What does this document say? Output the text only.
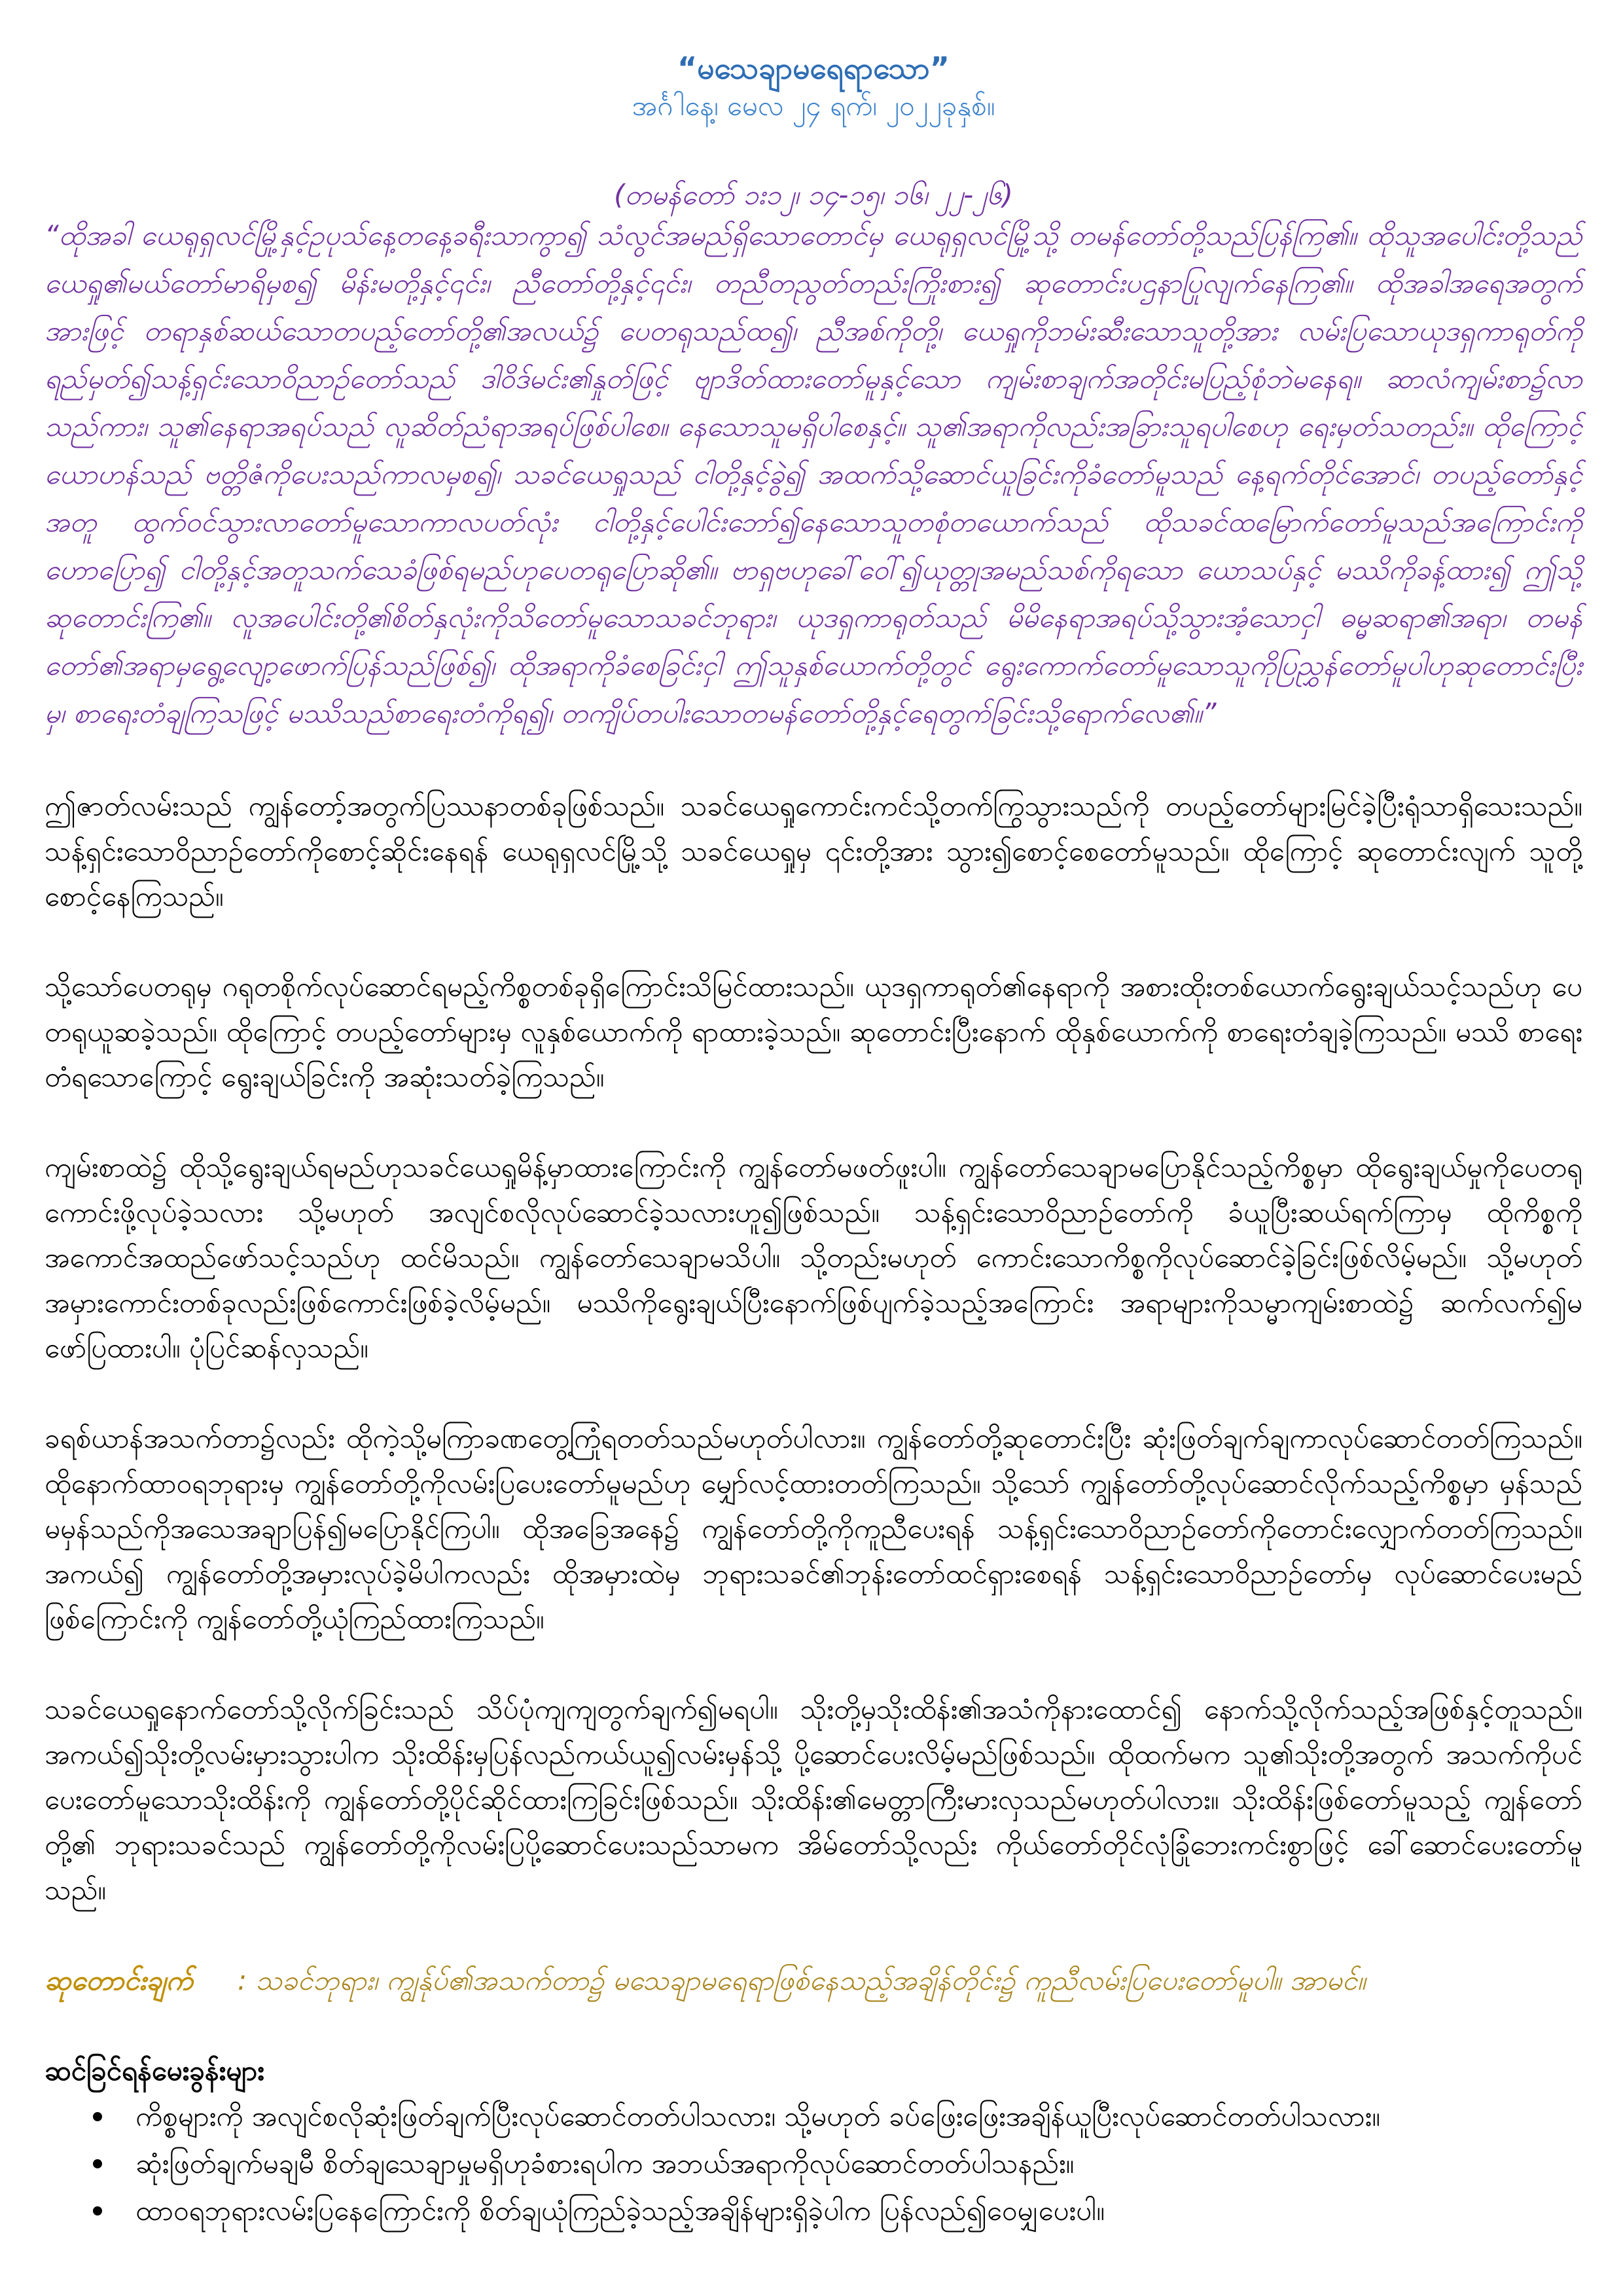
“မသေချာမရေရာသော”
အင်္ဂါနေ့၊ မေလ ၂၄ ရက်၊ ၂၀၂၂ခုနှစ်။
(တမန်တော် ၁း၁၂၊ ၁၄-၁၅၊ ၁၆၊ ၂၂-၂၆)

“ထိုအခါ ယေရုရှလင်မြို့နှင့်ဥပုသ်နေ့တနေ့ခရီးသာကွာ၍ သံလွင်အမည်ရှိသောတောင်မှ ယေရုရှလင်မြို့သို့ တမန်တော်တို့သည်ပြန်ကြ၏။ ထိုသူအပေါင်းတို့သည် ယေရှု၏မယ်တော်မာရိမှစ၍ မိန်းမတို့နှင့်၎င်း၊ ညီတော်တို့နှင့်၎င်း၊ တညီတညွတ်တည်းကြိုးစား၍ ဆုတောင်းပဌနာပြုလျက်နေကြ၏။ ထိုအခါအရေအတွက်အားဖြင့် တရာနှစ်ဆယ်သောတပည့်တော်တို့၏အလယ်၌ ပေတရုသည်ထ၍၊ ညီအစ်ကိုတို့၊ ယေရှုကိုဘမ်းဆီးသောသူတို့အား လမ်းပြသောယုဒရှကာရုတ်ကို ရည်မှတ်၍သန့်ရှင်းသောဝိညာဉ်တော်သည် ဒါဝိဒ်မင်း၏နှုတ်ဖြင့် ဗျာဒိတ်ထားတော်မူနှင့်သော ကျမ်းစာချက်အတိုင်းမပြည့်စုံဘဲမနေရ။ ဆာလံကျမ်းစာ၌လာသည်ကား၊ သူ၏နေရာအရပ်သည် လူဆိတ်ညံရာအရပ်ဖြစ်ပါစေ။ နေသောသူမရှိပါစေနှင့်။ သူ၏အရာကိုလည်းအခြားသူရပါစေဟု ရေးမှတ်သတည်း။ ထိုကြောင့် ယောဟန်သည် ဗတ္တိဇံကိုပေးသည်ကာလမှစ၍၊ သခင်ယေရှုသည် ငါတို့နှင့်ခွဲ၍ အထက်သို့ဆောင်ယူခြင်းကိုခံတော်မူသည် နေ့ရက်တိုင်အောင်၊ တပည့်တော်နှင့်အတူ ထွက်ဝင်သွားလာတော်မူသောကာလပတ်လုံး ငါတို့နှင့်ပေါင်းဘော်၍နေသောသူတစုံတယောက်သည် ထိုသခင်ထမြောက်တော်မူသည်အကြောင်းကိုဟောပြော၍ ငါတို့နှင့်အတူသက်သေခံဖြစ်ရမည်ဟုပေတရုပြောဆို၏။ ဗာရှဗဟုခေါ်ဝေါ်၍ယုတ္တုအမည်သစ်ကိုရသော ယောသပ်နှင့် မဿိကိုခန့်ထား၍ ဤသို့ဆုတောင်းကြ၏။ လူအပေါင်းတို့၏စိတ်နှလုံးကိုသိတော်မူသောသခင်ဘုရား၊ ယုဒရှကာရုတ်သည် မိမိနေရာအရပ်သို့သွားအံ့သောငှါ ဓမ္မဆရာ၏အရာ၊ တမန်တော်၏အရာမှရွေ့လျော့ဖောက်ပြန်သည်ဖြစ်၍၊ ထိုအရာကိုခံစေခြင်းငှါ ဤသူနှစ်ယောက်တို့တွင် ရွေးကောက်တော်မူသောသူကိုပြညွှန်တော်မူပါဟုဆုတောင်းပြီးမှ၊ စာရေးတံချကြသဖြင့် မဿိသည်စာရေးတံကိုရ၍၊ တကျိပ်တပါးသောတမန်တော်တို့နှင့်ရေတွက်ခြင်းသို့ရောက်လေ၏။”

ဤဇာတ်လမ်းသည် ကျွန်တော့်အတွက်ပြဿနာတစ်ခုဖြစ်သည်။ သခင်ယေရှုကောင်းကင်သို့တက်ကြွသွားသည်ကို တပည့်တော်များမြင်ခဲ့ပြီးရုံသာရှိသေးသည်။ သန့်ရှင်းသောဝိညာဉ်တော်ကိုစောင့်ဆိုင်းနေရန် ယေရုရှလင်မြို့သို့ သခင်ယေရှုမှ ၎င်းတို့အား သွား၍စောင့်စေတော်မူသည်။ ထိုကြောင့် ဆုတောင်းလျက် သူတို့ စောင့်နေကြသည်။

သို့သော်ပေတရုမှ ဂရုတစိုက်လုပ်ဆောင်ရမည့်ကိစ္စတစ်ခုရှိကြောင်းသိမြင်ထားသည်။ ယုဒရှကာရုတ်၏နေရာကို အစားထိုးတစ်ယောက်ရွေးချယ်သင့်သည်ဟု ပေတရုယူဆခဲ့သည်။ ထိုကြောင့် တပည့်တော်များမှ လူနှစ်ယောက်ကို ရာထားခဲ့သည်။ ဆုတောင်းပြီးနောက် ထိုနှစ်ယောက်ကို စာရေးတံချခဲ့ကြသည်။ မဿိ စာရေးတံရသောကြောင့် ရွေးချယ်ခြင်းကို အဆုံးသတ်ခဲ့ကြသည်။

ကျမ်းစာထဲ၌ ထိုသို့ရွေးချယ်ရမည်ဟုသခင်ယေရှုမိန့်မှာထားကြောင်းကို ကျွန်တော်မဖတ်ဖူးပါ။ ကျွန်တော်သေချာမပြောနိုင်သည့်ကိစ္စမှာ ထိုရွေးချယ်မှုကိုပေတရု ကောင်းဖို့လုပ်ခဲ့သလား သို့မဟုတ် အလျင်စလိုလုပ်ဆောင်ခဲ့သလားဟူ၍ဖြစ်သည်။ သန့်ရှင်းသောဝိညာဉ်တော်ကို ခံယူပြီးဆယ်ရက်ကြာမှ ထိုကိစ္စကို အကောင်အထည်ဖော်သင့်သည်ဟု ထင်မိသည်။ ကျွန်တော်သေချာမသိပါ။ သို့တည်းမဟုတ် ကောင်းသောကိစ္စကိုလုပ်ဆောင်ခဲ့ခြင်းဖြစ်လိမ့်မည်။ သို့မဟုတ် အမှားကောင်းတစ်ခုလည်းဖြစ်ကောင်းဖြစ်ခဲ့လိမ့်မည်။ မဿိကိုရွေးချယ်ပြီးနောက်ဖြစ်ပျက်ခဲ့သည့်အကြောင်း အရာများကိုသမ္မာကျမ်းစာထဲ၌ ဆက်လက်၍မဖော်ပြထားပါ။ ပုံပြင်ဆန်လှသည်။

ခရစ်ယာန်အသက်တာ၌လည်း ထိုကဲ့သို့မကြာခဏတွေ့ကြုံရတတ်သည်မဟုတ်ပါလား။ ကျွန်တော်တို့ဆုတောင်းပြီး ဆုံးဖြတ်ချက်ချကာလုပ်ဆောင်တတ်ကြသည်။ ထိုနောက်ထာဝရဘုရားမှ ကျွန်တော်တို့ကိုလမ်းပြပေးတော်မူမည်ဟု မျှော်လင့်ထားတတ်ကြသည်။ သို့သော် ကျွန်တော်တို့လုပ်ဆောင်လိုက်သည့်ကိစ္စမှာ မှန်သည် မမှန်သည်ကိုအသေအချာပြန်၍မပြောနိုင်ကြပါ။ ထိုအခြေအနေ၌ ကျွန်တော်တို့ကိုကူညီပေးရန် သန့်ရှင်းသောဝိညာဉ်တော်ကိုတောင်းလျှောက်တတ်ကြသည်။ အကယ်၍ ကျွန်တော်တို့အမှားလုပ်ခဲ့မိပါကလည်း ထိုအမှားထဲမှ ဘုရားသခင်၏ဘုန်းတော်ထင်ရှားစေရန် သန့်ရှင်းသောဝိညာဉ်တော်မှ လုပ်ဆောင်ပေးမည်ဖြစ်ကြောင်းကို ကျွန်တော်တို့ယုံကြည်ထားကြသည်။

သခင်ယေရှုနောက်တော်သို့လိုက်ခြင်းသည် သိပ်ပုံကျကျတွက်ချက်၍မရပါ။ သိုးတို့မှသိုးထိန်း၏အသံကိုနားထောင်၍ နောက်သို့လိုက်သည့်အဖြစ်နှင့်တူသည်။ အကယ်၍သိုးတို့လမ်းမှားသွားပါက သိုးထိန်းမှပြန်လည်ကယ်ယူ၍လမ်းမှန်သို့ ပို့ဆောင်ပေးလိမ့်မည်ဖြစ်သည်။ ထိုထက်မက သူ၏သိုးတို့အတွက် အသက်ကိုပင်ပေးတော်မူသောသိုးထိန်းကို ကျွန်တော်တို့ပိုင်ဆိုင်ထားကြခြင်းဖြစ်သည်။ သိုးထိန်း၏မေတ္တာကြီးမားလှသည်မဟုတ်ပါလား။ သိုးထိန်းဖြစ်တော်မူသည့် ကျွန်တော်တို့၏ ဘုရားသခင်သည် ကျွန်တော်တို့ကိုလမ်းပြပို့ဆောင်ပေးသည်သာမက အိမ်တော်သို့လည်း ကိုယ်တော်တိုင်လုံခြုံဘေးကင်းစွာဖြင့် ခေါ်ဆောင်ပေးတော်မူသည်။

ဆုတောင်းချက် : သခင်ဘုရား၊ ကျွန်ုပ်၏အသက်တာ၌ မသေချာမရေရာဖြစ်နေသည့်အချိန်တိုင်း၌ ကူညီလမ်းပြပေးတော်မူပါ။ အာမင်။
ဆင်ခြင်ရန်မေးခွန်းများ
ကိစ္စများကို အလျင်စလိုဆုံးဖြတ်ချက်ပြီးလုပ်ဆောင်တတ်ပါသလား၊ သို့မဟုတ် ခပ်ဖြေးဖြေးအချိန်ယူပြီးလုပ်ဆောင်တတ်ပါသလား။
ဆုံးဖြတ်ချက်မချမီ စိတ်ချသေချာမှုမရှိဟုခံစားရပါက အဘယ်အရာကိုလုပ်ဆောင်တတ်ပါသနည်း။
ထာဝရဘုရားလမ်းပြနေကြောင်းကို စိတ်ချယုံကြည်ခဲ့သည့်အချိန်များရှိခဲ့ပါက ပြန်လည်၍ဝေမျှပေးပါ။
